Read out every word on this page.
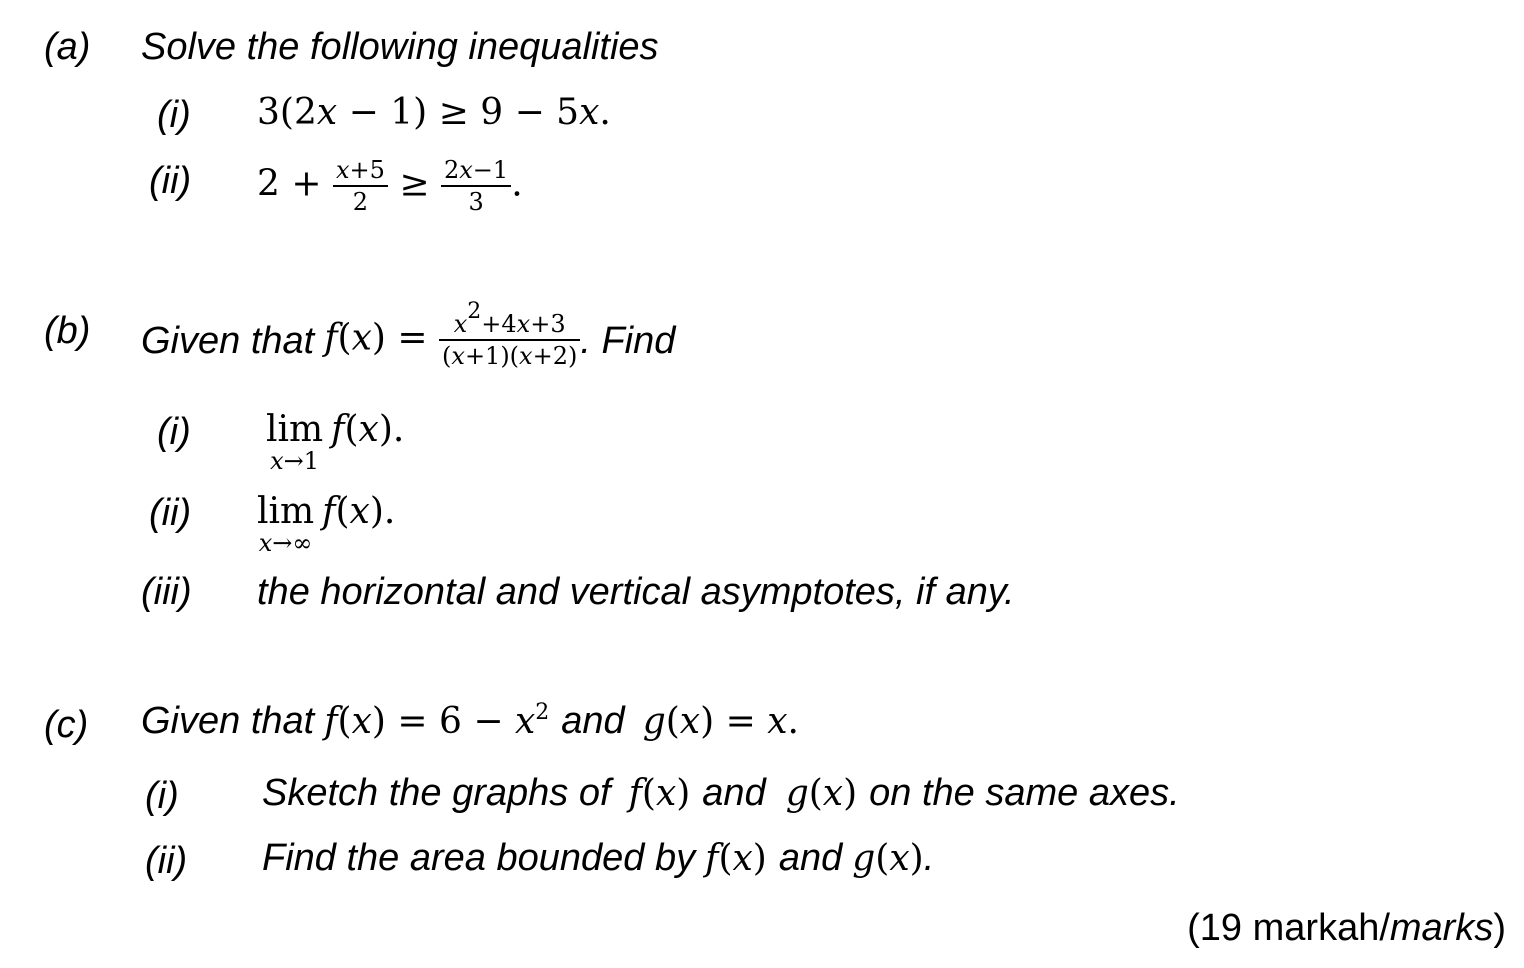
(a) Solve the following inequalities
(i) 3(2x − 1) ≥ 9 − 5x.
(ii) $2 + \frac{x+5}{2} \ge \frac{2x-1}{3}$ .
(b) Given that $f(x) = \frac{x^2+4x+3}{(x+1)(x+2)}$ . Find
(i) lim
x→1
f(x).
(ii) lim
x→∞
f(x).
(iii) the horizontal and vertical asymptotes, if any.
(c) Given that $f(x) = 6 - x^2$ and g(x) = x.
(i) Sketch the graphs of f(x) and g(x) on the same axes.
(ii) Find the area bounded by f(x) and g(x) .
(19 markah/marks)
